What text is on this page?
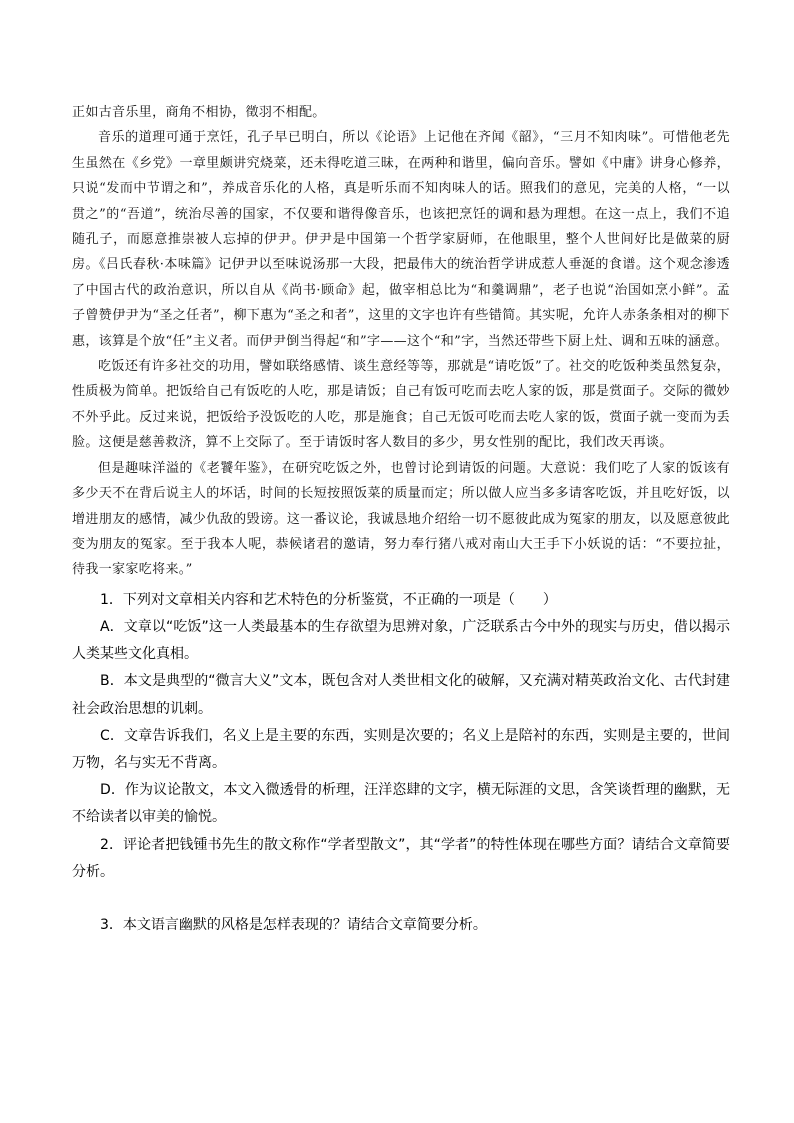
正如古音乐里，商角不相协，徵羽不相配。

音乐的道理可通于烹饪，孔子早已明白，所以《论语》上记他在齐闻《韶》，“三月不知肉味”。可惜他老先生虽然在《乡党》一章里颇讲究烧菜，还未得吃道三昧，在两种和谐里，偏向音乐。譬如《中庸》讲身心修养，只说“发而中节谓之和”，养成音乐化的人格，真是听乐而不知肉味人的话。照我们的意见，完美的人格，“一以贯之”的“吾道”，统治尽善的国家，不仅要和谐得像音乐，也该把烹饪的调和悬为理想。在这一点上，我们不追随孔子，而愿意推崇被人忘掉的伊尹。伊尹是中国第一个哲学家厨师，在他眼里，整个人世间好比是做菜的厨房。《吕氏春秋·本味篇》记伊尹以至味说汤那一大段，把最伟大的统治哲学讲成惹人垂涎的食谱。这个观念渗透了中国古代的政治意识，所以自从《尚书·顾命》起，做宰相总比为“和羹调鼎”，老子也说“治国如烹小鲜”。孟子曾赞伊尹为“圣之任者”，柳下惠为“圣之和者”，这里的文字也许有些错简。其实呢，允许人赤条条相对的柳下惠，该算是个放“任”主义者。而伊尹倒当得起“和”字——这个“和”字，当然还带些下厨上灶、调和五味的涵意。

吃饭还有许多社交的功用，譬如联络感情、谈生意经等等，那就是“请吃饭”了。社交的吃饭种类虽然复杂，性质极为简单。把饭给自己有饭吃的人吃，那是请饭；自己有饭可吃而去吃人家的饭，那是赏面子。交际的微妙不外乎此。反过来说，把饭给予没饭吃的人吃，那是施食；自己无饭可吃而去吃人家的饭，赏面子就一变而为丢脸。这便是慈善救济，算不上交际了。至于请饭时客人数目的多少，男女性别的配比，我们改天再谈。

但是趣味洋溢的《老饕年鉴》，在研究吃饭之外，也曾讨论到请饭的问题。大意说：我们吃了人家的饭该有多少天不在背后说主人的坏话，时间的长短按照饭菜的质量而定；所以做人应当多多请客吃饭，并且吃好饭，以增进朋友的感情，减少仇敌的毁谤。这一番议论，我诚恳地介绍给一切不愿彼此成为冤家的朋友，以及愿意彼此变为朋友的冤家。至于我本人呢，恭候诸君的邀请，努力奉行猪八戒对南山大王手下小妖说的话：“不要拉扯，待我一家家吃将来。”

1．下列对文章相关内容和艺术特色的分析鉴赏，不正确的一项是（　　）

A．文章以“吃饭”这一人类最基本的生存欲望为思辨对象，广泛联系古今中外的现实与历史，借以揭示人类某些文化真相。

B．本文是典型的“微言大义”文本，既包含对人类世相文化的破解，又充满对精英政治文化、古代封建社会政治思想的讥刺。

C．文章告诉我们，名义上是主要的东西，实则是次要的；名义上是陪衬的东西，实则是主要的，世间万物，名与实无不背离。

D．作为议论散文，本文入微透骨的析理，汪洋恣肆的文字，横无际涯的文思，含笑谈哲理的幽默，无不给读者以审美的愉悦。

2．评论者把钱锺书先生的散文称作“学者型散文”，其“学者”的特性体现在哪些方面？请结合文章简要分析。

3．本文语言幽默的风格是怎样表现的？请结合文章简要分析。
